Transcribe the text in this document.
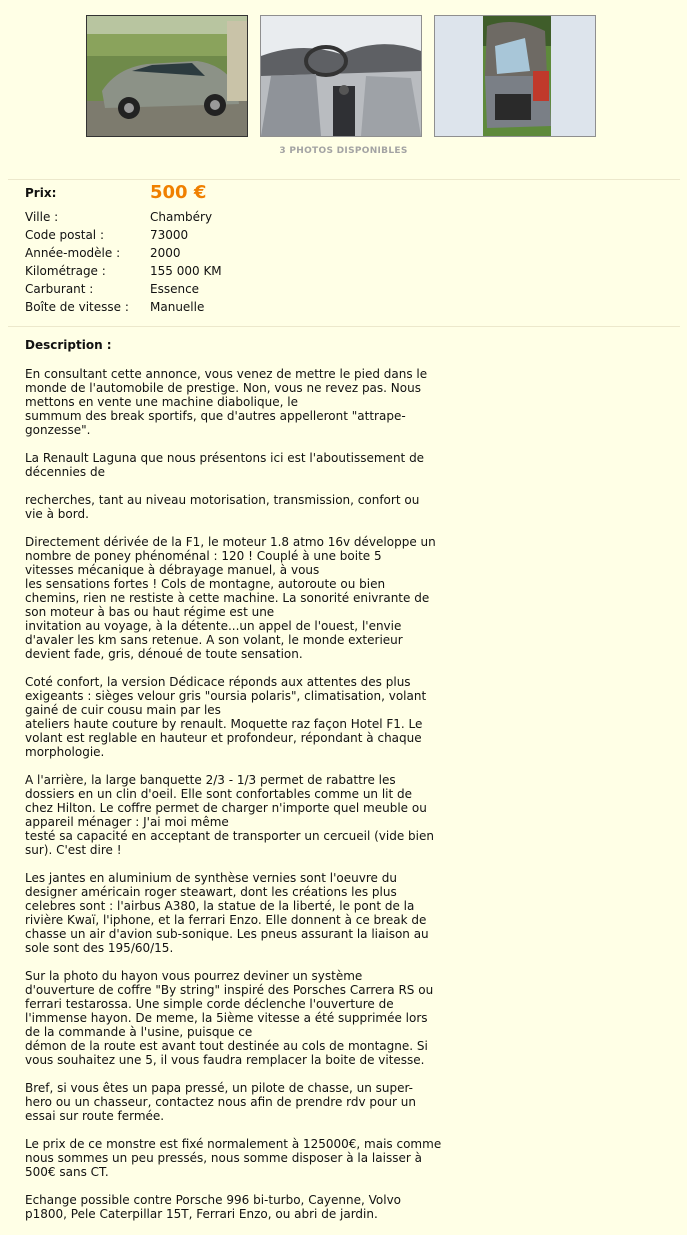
3 PHOTOS DISPONIBLES
Prix:	500 €
Ville :	Chambéry
Code postal :	73000
Année-modèle : 2000
Kilométrage :	155 000 KM
Carburant :	Essence
Boîte de vitesse : Manuelle
Description :

En consultant cette annonce, vous venez de mettre le pied dans le
monde de l'automobile de prestige. Non, vous ne revez pas. Nous
mettons en vente une machine diabolique, le
summum des break sportifs, que d'autres appelleront "attrape-
gonzesse".

La Renault Laguna que nous présentons ici est l'aboutissement de
décennies de

recherches, tant au niveau motorisation, transmission, confort ou
vie à bord.

Directement dérivée de la F1, le moteur 1.8 atmo 16v développe un
nombre de poney phénoménal : 120 ! Couplé à une boite 5
vitesses mécanique à débrayage manuel, à vous
les sensations fortes ! Cols de montagne, autoroute ou bien
chemins, rien ne restiste à cette machine. La sonorité enivrante de
son moteur à bas ou haut régime est une
invitation au voyage, à la détente...un appel de l'ouest, l'envie
d'avaler les km sans retenue. A son volant, le monde exterieur
devient fade, gris, dénoué de toute sensation.

Coté confort, la version Dédicace réponds aux attentes des plus
exigeants : sièges velour gris "oursia polaris", climatisation, volant
gainé de cuir cousu main par les
ateliers haute couture by renault. Moquette raz façon Hotel F1. Le
volant est reglable en hauteur et profondeur, répondant à chaque
morphologie.

A l'arrière, la large banquette 2/3 - 1/3 permet de rabattre les
dossiers en un clin d'oeil. Elle sont confortables comme un lit de
chez Hilton. Le coffre permet de charger n'importe quel meuble ou
appareil ménager : J'ai moi même
testé sa capacité en acceptant de transporter un cercueil (vide bien
sur). C'est dire !

Les jantes en aluminium de synthèse vernies sont l'oeuvre du
designer américain roger steawart, dont les créations les plus
celebres sont : l'airbus A380, la statue de la liberté, le pont de la
rivière Kwaï, l'iphone, et la ferrari Enzo. Elle donnent à ce break de
chasse un air d'avion sub-sonique. Les pneus assurant la liaison au
sole sont des 195/60/15.

Sur la photo du hayon vous pourrez deviner un système
d'ouverture de coffre "By string" inspiré des Porsches Carrera RS ou
ferrari testarossa. Une simple corde déclenche l'ouverture de
l'immense hayon. De meme, la 5ième vitesse a été supprimée lors
de la commande à l'usine, puisque ce
démon de la route est avant tout destinée au cols de montagne. Si
vous souhaitez une 5, il vous faudra remplacer la boite de vitesse.

Bref, si vous êtes un papa pressé, un pilote de chasse, un super-
hero ou un chasseur, contactez nous afin de prendre rdv pour un
essai sur route fermée.

Le prix de ce monstre est fixé normalement à 125000€, mais comme
nous sommes un peu pressés, nous somme disposer à la laisser à
500€ sans CT.

Echange possible contre Porsche 996 bi-turbo, Cayenne, Volvo
p1800, Pele Caterpillar 15T, Ferrari Enzo, ou abri de jardin.
